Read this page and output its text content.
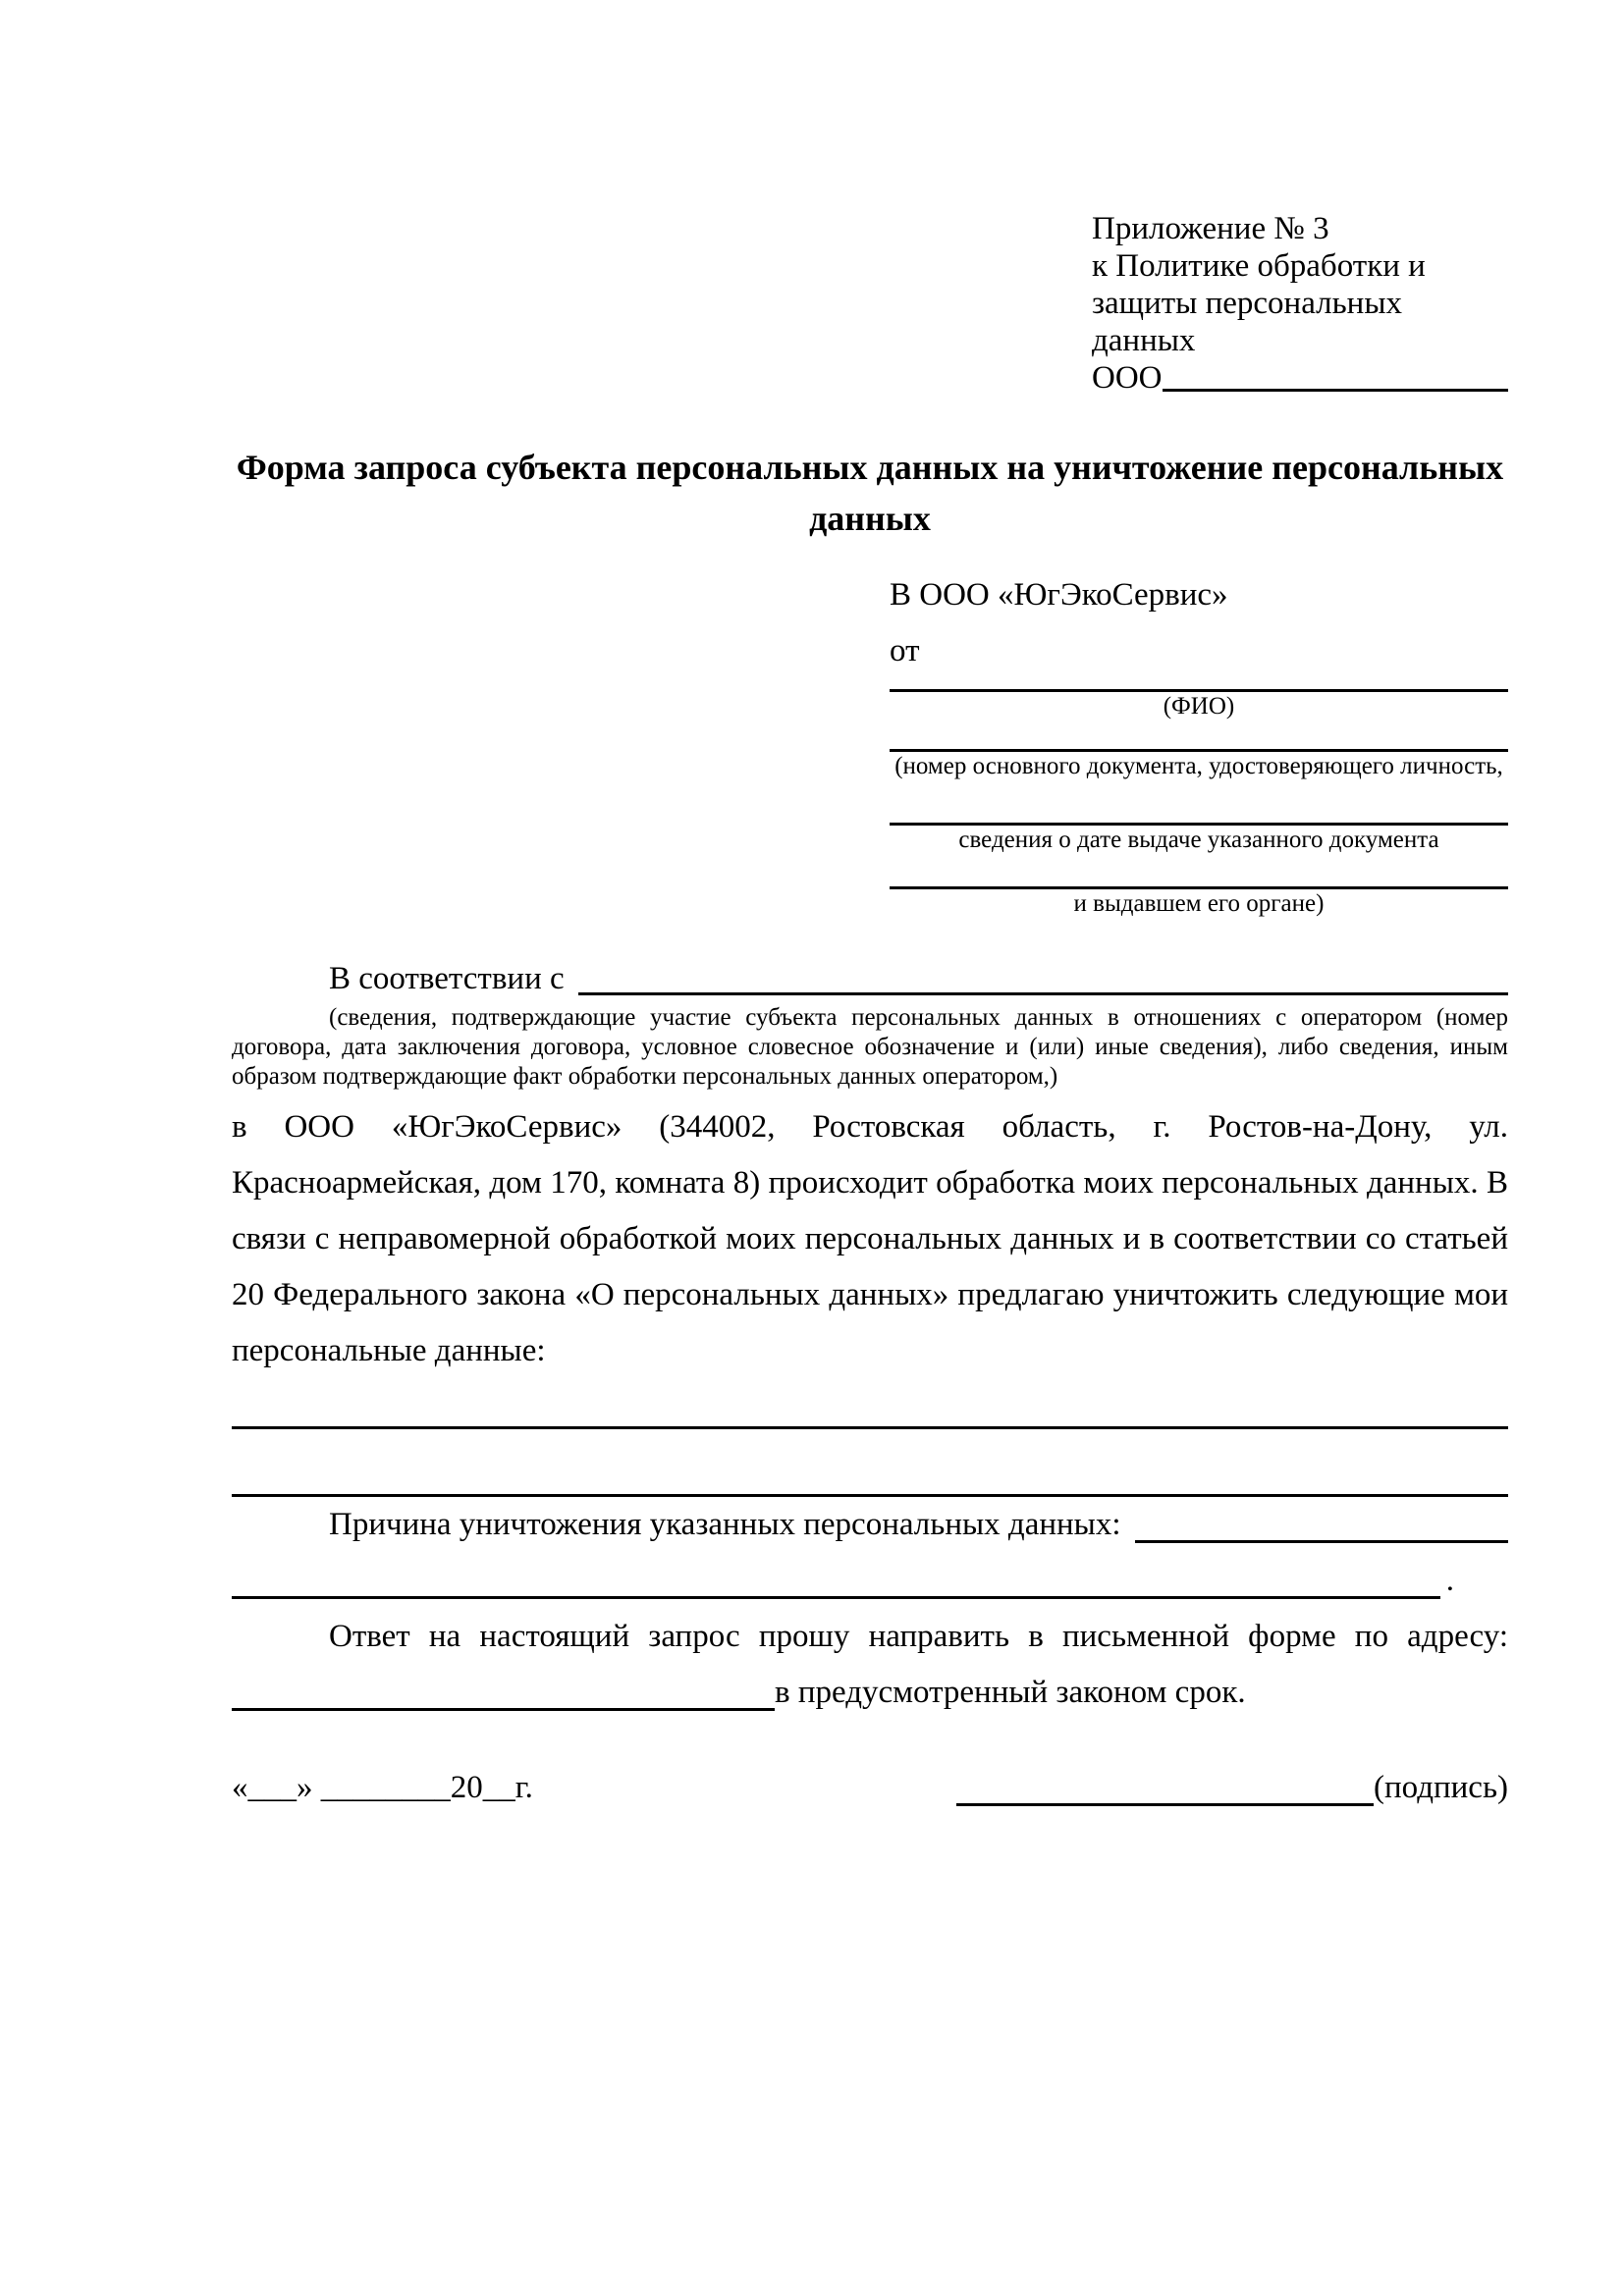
Приложение № 3
к Политике обработки и
защиты персональных данных
ООО
Форма запроса субъекта персональных данных на уничтожение персональных данных
В ООО «ЮгЭкоСервис»
от
(ФИО)
(номер основного документа, удостоверяющего личность,
сведения о дате выдаче указанного документа
и выдавшем его органе)
В соответствии с
(сведения, подтверждающие участие субъекта персональных данных в отношениях с оператором (номер договора, дата заключения договора, условное словесное обозначение и (или) иные сведения), либо сведения, иным образом подтверждающие факт обработки персональных данных оператором,)
в ООО «ЮгЭкоСервис» (344002, Ростовская область, г. Ростов-на-Дону, ул. Красноармейская, дом 170, комната 8) происходит обработка моих персональных данных. В связи с неправомерной обработкой моих персональных данных и в соответствии со статьей 20 Федерального закона «О персональных данных» предлагаю уничтожить следующие мои персональные данные:
Причина уничтожения указанных персональных данных:
.
Ответ на настоящий запрос прошу направить в письменной форме по адресу:
в предусмотренный законом срок.
«___» ________20__г.	(подпись)
